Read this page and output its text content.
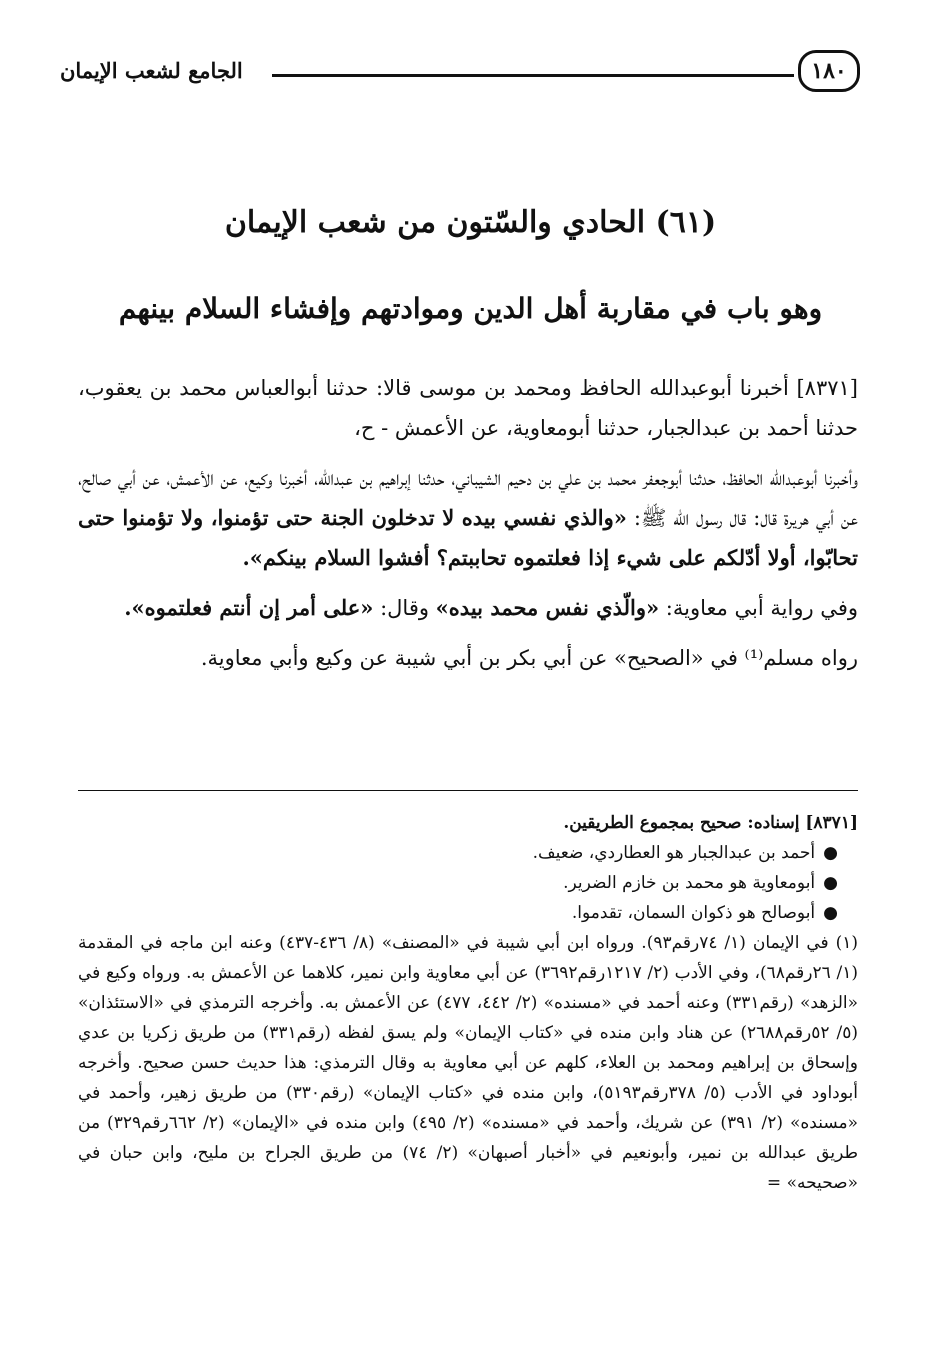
الجامع لشعب الإيمان	١٨٠
(٦١) الحادي والسّتون من شعب الإيمان
وهو باب في مقاربة أهل الدين وموادتهم وإفشاء السلام بينهم

[٨٣٧١] أخبرنا أبوعبدالله الحافظ ومحمد بن موسى قالا: حدثنا أبوالعباس محمد بن يعقوب، حدثنا أحمد بن عبدالجبار، حدثنا أبومعاوية، عن الأعمش - ح،

وأخبرنا أبوعبدالله الحافظ، حدثنا أبوجعفر محمد بن علي بن دحيم الشيباني، حدثنا إبراهيم بن عبدالله، أخبرنا وكيع، عن الأعمش، عن أبي صالح، عن أبي هريرة قال: قال رسول الله ﷺ: «والذي نفسي بيده لا تدخلون الجنة حتى تؤمنوا، ولا تؤمنوا حتى تحابّوا، أولا أدّلكم على شيء إذا فعلتموه تحاببتم؟ أفشوا السلام بينكم».

وفي رواية أبي معاوية: «والّذي نفس محمد بيده» وقال: «على أمر إن أنتم فعلتموه».

رواه مسلم⁽¹⁾ في «الصحيح» عن أبي بكر بن أبي شيبة عن وكيع وأبي معاوية.

[٨٣٧١] إسناده: صحيح بمجموع الطريقين.

●أحمد بن عبدالجبار هو العطاردي، ضعيف.

●أبومعاوية هو محمد بن خازم الضرير.

●أبوصالح هو ذكوان السمان، تقدموا.

(١) في الإيمان (١/ ٧٤رقم٩٣). ورواه ابن أبي شيبة في «المصنف» (٨/ ٤٣٦-٤٣٧) وعنه ابن ماجه في المقدمة (١/ ٢٦رقم٦٨)، وفي الأدب (٢/ ١٢١٧رقم٣٦٩٢) عن أبي معاوية وابن نمير، كلاهما عن الأعمش به. ورواه وكيع في «الزهد» (رقم٣٣١) وعنه أحمد في «مسنده» (٢/ ٤٤٢، ٤٧٧) عن الأعمش به. وأخرجه الترمذي في «الاستئذان» (٥/ ٥٢رقم٢٦٨٨) عن هناد وابن منده في «كتاب الإيمان» ولم يسق لفظه (رقم٣٣١) من طريق زكريا بن عدي وإسحاق بن إبراهيم ومحمد بن العلاء، كلهم عن أبي معاوية به وقال الترمذي: هذا حديث حسن صحيح. وأخرجه أبوداود في الأدب (٥/ ٣٧٨رقم٥١٩٣)، وابن منده في «كتاب الإيمان» (رقم٣٣٠) من طريق زهير، وأحمد في «مسنده» (٢/ ٣٩١) عن شريك، وأحمد في «مسنده» (٢/ ٤٩٥) وابن منده في «الإيمان» (٢/ ٦٦٢رقم٣٢٩) من طريق عبدالله بن نمير، وأبونعيم في «أخبار أصبهان» (٢/ ٧٤) من طريق الجراح بن مليح، وابن حبان في «صحيحه» =
